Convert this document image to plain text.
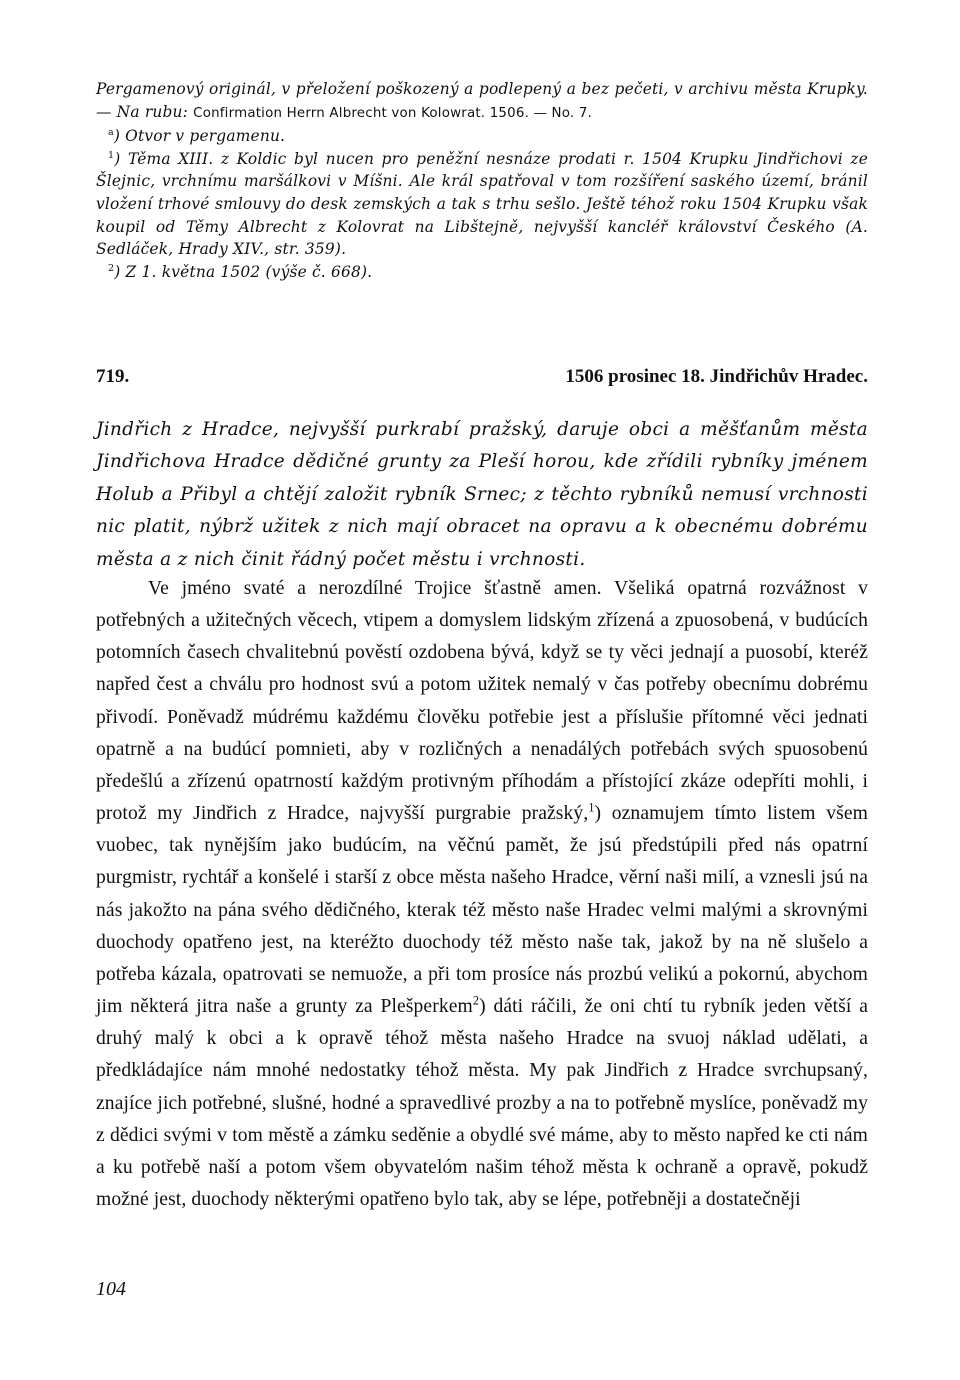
Pergamenový originál, v přeložení poškozený a podlepený a bez pečeti, v archivu města Krupky. — Na rubu: Confirmation Herrn Albrecht von Kolowrat. 1506. — No. 7.

$^a$) Otvor v pergamenu.

$^1$) Těma XIII. z Koldic byl nucen pro peněžní nesnáze prodati r. 1504 Krupku Jindřichovi ze Šlejnic, vrchnímu maršálkovi v Míšni. Ale král spatřoval v tom rozšíření saského území, bránil vložení trhové smlouvy do desk zemských a tak s trhu sešlo. Ještě téhož roku 1504 Krupku však koupil od Těmy Albrecht z Kolovrat na Libštejně, nejvyšší kancléř království Českého (A. Sedláček, Hrady XIV., str. 359).

$^2$) Z 1. května 1502 (výše č. 668).

719.	1506 prosinec 18. Jindřichův Hradec.
Jindřich z Hradce, nejvyšší purkrabí pražský, daruje obci a měšťanům města Jindřichova Hradce dědičné grunty za Pleší horou, kde zřídili rybníky jménem Holub a Přibyl a chtějí založit rybník Srnec; z těchto rybníků nemusí vrchnosti nic platit, nýbrž užitek z nich mají obracet na opravu a k obecnému dobrému města a z nich činit řádný počet městu i vrchnosti.

Ve jméno svaté a nerozdílné Trojice šťastně amen. Všeliká opatrná rozvážnost v potřebných a užitečných věcech, vtipem a domyslem lidským zřízená a zpuosobená, v budúcích potomních časech chvalitebnú pověstí ozdobena bývá, když se ty věci jednají a puosobí, kteréž napřed čest a chválu pro hodnost svú a potom užitek nemalý v čas potřeby obecnímu dobrému přivodí. Poněvadž múdrému každému člověku potřebie jest a příslušie přítomné věci jednati opatrně a na budúcí pomnieti, aby v rozličných a nenadálých potřebách svých spuosobenú předešlú a zřízenú opatrností každým protivným příhodám a přístojící zkáze odepříti mohli, i protož my Jindřich z Hradce, najvyšší purgrabie pražský,$^1$) oznamujem tímto listem všem vuobec, tak nynějším jako budúcím, na věčnú pamět, že jsú předstúpili před nás opatrní purgmistr, rychtář a konšelé i starší z obce města našeho Hradce, věrní naši milí, a vznesli jsú na nás jakožto na pána svého dědičného, kterak též město naše Hradec velmi malými a skrovnými duochody opatřeno jest, na kteréžto duochody též město naše tak, jakož by na ně slušelo a potřeba kázala, opatrovati se nemuože, a při tom prosíce nás prozbú velikú a pokornú, abychom jim některá jitra naše a grunty za Plešperkem$^2$) dáti ráčili, že oni chtí tu rybník jeden větší a druhý malý k obci a k opravě téhož města našeho Hradce na svuoj náklad udělati, a předkládajíce nám mnohé nedostatky téhož města. My pak Jindřich z Hradce svrchupsaný, znajíce jich potřebné, slušné, hodné a spravedlivé prozby a na to potřebně myslíce, poněvadž my z dědici svými v tom městě a zámku seděnie a obydlé své máme, aby to město napřed ke cti nám a ku potřebě naší a potom všem obyvatelóm našim téhož města k ochraně a opravě, pokudž možné jest, duochody některými opatřeno bylo tak, aby se lépe, potřebněji a dostatečněji

104
